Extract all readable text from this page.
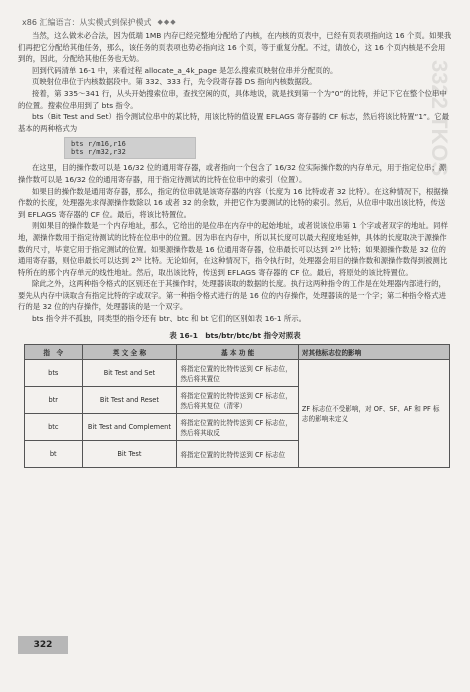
x86 汇编语言：从实模式到保护模式 ◆◆◆
3322 TKOS

当然，这么做未必合法，因为低端 1MB 内存已经完整地分配给了内核，在内核的页表中，已经有页表项指向这 16 个页。如果我们再把它分配给其他任务，那么，该任务的页表项也势必指向这 16 个页，等于重复分配。不过，请放心，这 16 个页内核是不会用到的，因此，分配给其他任务也无妨。

回到代码清单 16-1 中，来看过程 allocate_a_4k_page 是怎么搜索页映射位串并分配页的。

页映射位串位于内核数据段中。第 332、333 行，先令段寄存器 DS 指向内核数据段。

接着，第 335～341 行，从头开始搜索位串，查找空闲的页，具体地说，就是找到第一个为“0”的比特，并记下它在整个位串中的位置。搜索位串用到了 bts 指令。

bts（Bit Test and Set）指令测试位串中的某比特，用该比特的值设置 EFLAGS 寄存器的 CF 标志，然后将该比特置“1”。它最基本的两种格式为

bts r/m16,r16
bts r/m32,r32

在这里，目的操作数可以是 16/32 位的通用寄存器，或者指向一个包含了 16/32 位实际操作数的内存单元，用于指定位串；源操作数可以是 16/32 位的通用寄存器，用于指定待测试的比特在位串中的索引（位置）。

如果目的操作数是通用寄存器，那么，指定的位串就是该寄存器的内容（长度为 16 比特或者 32 比特）。在这种情况下，根据操作数的长度，处理器先求得源操作数除以 16 或者 32 的余数，并把它作为要测试的比特的索引。然后，从位串中取出该比特，传送到 EFLAGS 寄存器的 CF 位。最后，将该比特置位。

则如果目的操作数是一个内存地址，那么，它给出的是位串在内存中的起始地址，或者说该位串第 1 个字或者双字的地址。同样地，源操作数用于指定待测试的比特在位串中的位置。因为串在内存中，所以其长度可以最大程度地延伸，具体的长度取决于源操作数的尺寸，毕竟它用于指定测试的位置。如果源操作数是 16 位通用寄存器，位串最长可以达到 2¹⁶ 比特；如果源操作数是 32 位的通用寄存器，则位串最长可以达到 2³² 比特。无论如何，在这种情况下，指令执行时，处理器会用目的操作数和源操作数得到被测比特所在的那个内存单元的线性地址。然后，取出该比特，传送到 EFLAGS 寄存器的 CF 位。最后，将原处的该比特置位。

除此之外，这两种指令格式的区别还在于其操作时，处理器读取的数据的长度。执行这两种指令的工作是在处理器内部进行的，要先从内存中读取含有指定比特的字或双字。第一种指令格式进行的是 16 位的内存操作，处理器读的是一个字；第二种指令格式进行的是 32 位的内存操作，处理器读的是一个双字。

bts 指令并不孤独，同类型的指令还有 btr、btc 和 bt 它们的区别如表 16-1 所示。

表 16-1　bts/btr/btc/bt 指令对照表
指　令	英 文 全 称	基 本 功 能	对其他标志位的影响
bts	Bit Test and Set	将指定位置的比特传送到 CF 标志位，然后将其置位	ZF 标志位不受影响，对 OF、SF、AF 和 PF 标志的影响未定义
btr	Bit Test and Reset	将指定位置的比特传送到 CF 标志位，然后将其复位（清零）	
btc	Bit Test and Complement	将指定位置的比特传送到 CF 标志位，然后将其取反	
bt	Bit Test	将指定位置的比特传送到 CF 标志位	
322
